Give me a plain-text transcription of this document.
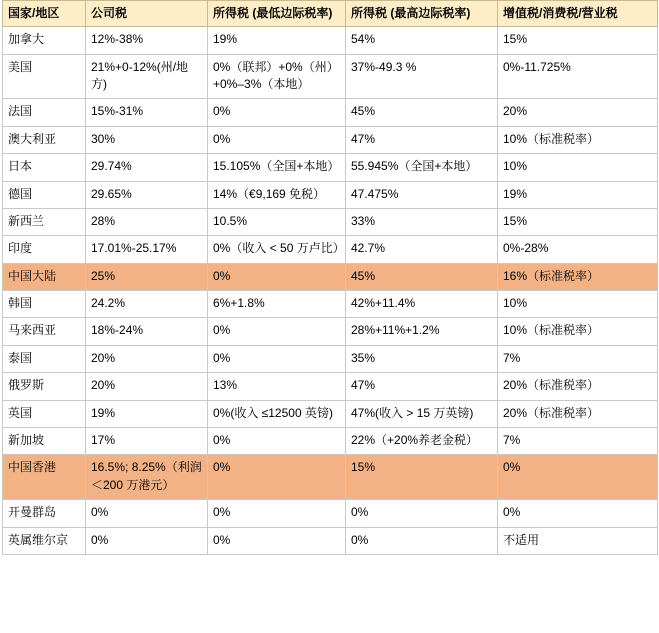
国家/地区	公司税	所得税 (最低边际税率)	所得税 (最高边际税率)	增值税/消费税/营业税
加拿大	12%-38%	19%	54%	15%
美国	21%+0-12%(州/地方)	0%（联邦）+0%（州）+0%–3%（本地）	37%-49.3 %	0%-11.725%
法国	15%-31%	0%	45%	20%
澳大利亚	30%	0%	47%	10%（标准税率）
日本	29.74%	15.105%（全国+本地）	55.945%（全国+本地）	10%
德国	29.65%	14%（€9,169 免税）	47.475%	19%
新西兰	28%	10.5%	33%	15%
印度	17.01%-25.17%	0%（收入 < 50 万卢比）	42.7%	0%-28%
中国大陆	25%	0%	45%	16%（标准税率）
韩国	24.2%	6%+1.8%	42%+11.4%	10%
马来西亚	18%-24%	0%	28%+11%+1.2%	10%（标准税率）
泰国	20%	0%	35%	7%
俄罗斯	20%	13%	47%	20%（标准税率）
英国	19%	0%(收入 ≤12500 英镑)	47%(收入 > 15 万英镑)	20%（标准税率）
新加坡	17%	0%	22%（+20%养老金税）	7%
中国香港	16.5%; 8.25%（利润＜200 万港元）	0%	15%	0%
开曼群岛	0%	0%	0%	0%
英属维尔京	0%	0%	0%	不适用
